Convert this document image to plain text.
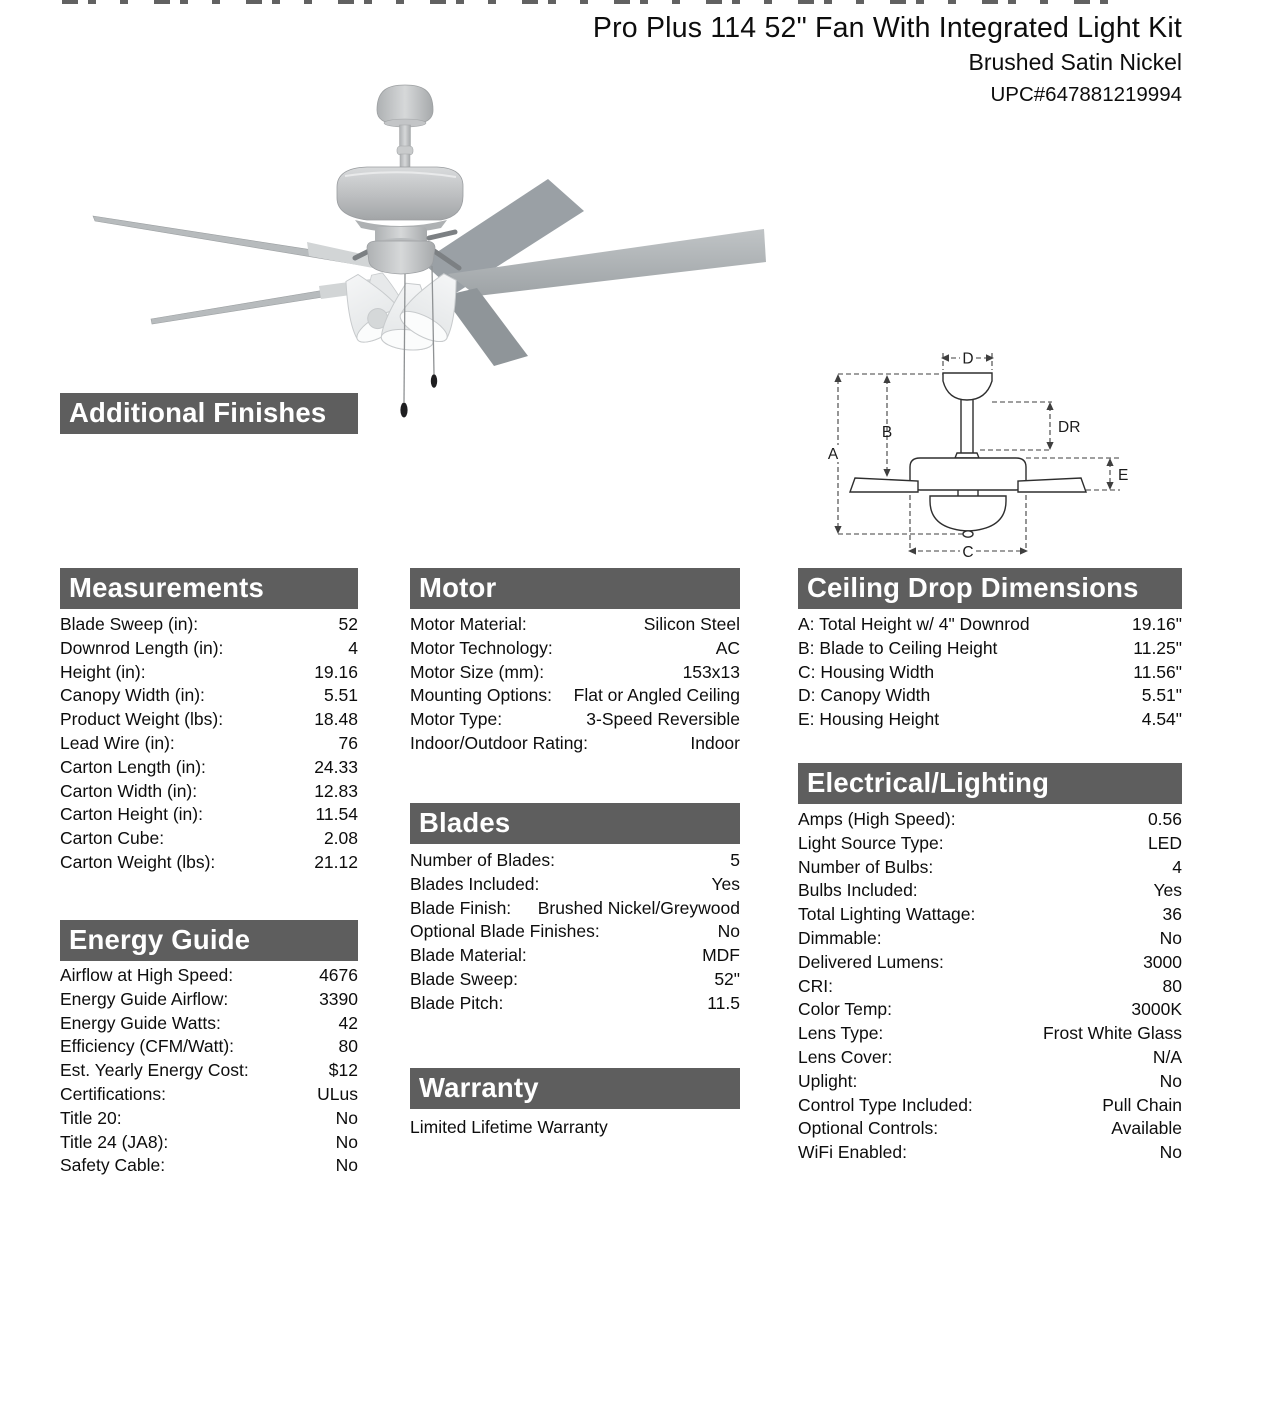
Pro Plus 114 52" Fan With Integrated Light Kit
Brushed Satin Nickel
UPC#647881219994
A
B
C
D
E
DR
Additional Finishes
Measurements
Blade Sweep (in):	52
Downrod Length (in):	4
Height (in):	19.16
Canopy Width (in):	5.51
Product Weight (lbs):	18.48
Lead Wire (in):	76
Carton Length (in):	24.33
Carton Width (in):	12.83
Carton Height (in):	11.54
Carton Cube:	2.08
Carton Weight (lbs):	21.12
Energy Guide
Airflow at High Speed:	4676
Energy Guide Airflow:	3390
Energy Guide Watts:	42
Efficiency (CFM/Watt):	80
Est. Yearly Energy Cost:	$12
Certifications:	ULus
Title 20:	No
Title 24 (JA8):	No
Safety Cable:	No
Motor
Motor Material:	Silicon Steel
Motor Technology:	AC
Motor Size (mm):	153x13
Mounting Options: Flat or Angled Ceiling
Motor Type:	3-Speed Reversible
Indoor/Outdoor Rating:	Indoor
Blades
Number of Blades:	5
Blades Included:	Yes
Blade Finish: Brushed Nickel/Greywood
Optional Blade Finishes:	No
Blade Material:	MDF
Blade Sweep:	52"
Blade Pitch:	11.5
Warranty
Limited Lifetime Warranty
Ceiling Drop Dimensions
A: Total Height w/ 4" Downrod	19.16"
B: Blade to Ceiling Height	11.25"
C: Housing Width	11.56"
D: Canopy Width	5.51"
E: Housing Height	4.54"
Electrical/Lighting
Amps (High Speed):	0.56
Light Source Type:	LED
Number of Bulbs:	4
Bulbs Included:	Yes
Total Lighting Wattage:	36
Dimmable:	No
Delivered Lumens:	3000
CRI:	80
Color Temp:	3000K
Lens Type:	Frost White Glass
Lens Cover:	N/A
Uplight:	No
Control Type Included:	Pull Chain
Optional Controls:	Available
WiFi Enabled:	No
